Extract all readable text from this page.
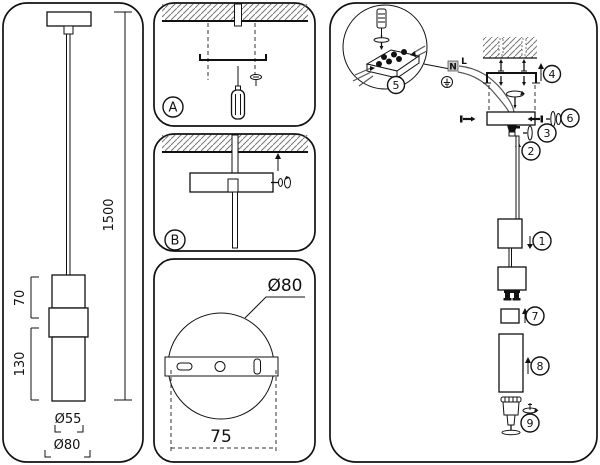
1500
70
130
Ø55
Ø80
A
B
Ø80
75
5
N
L
4
6
3
2
1
7
8
9
